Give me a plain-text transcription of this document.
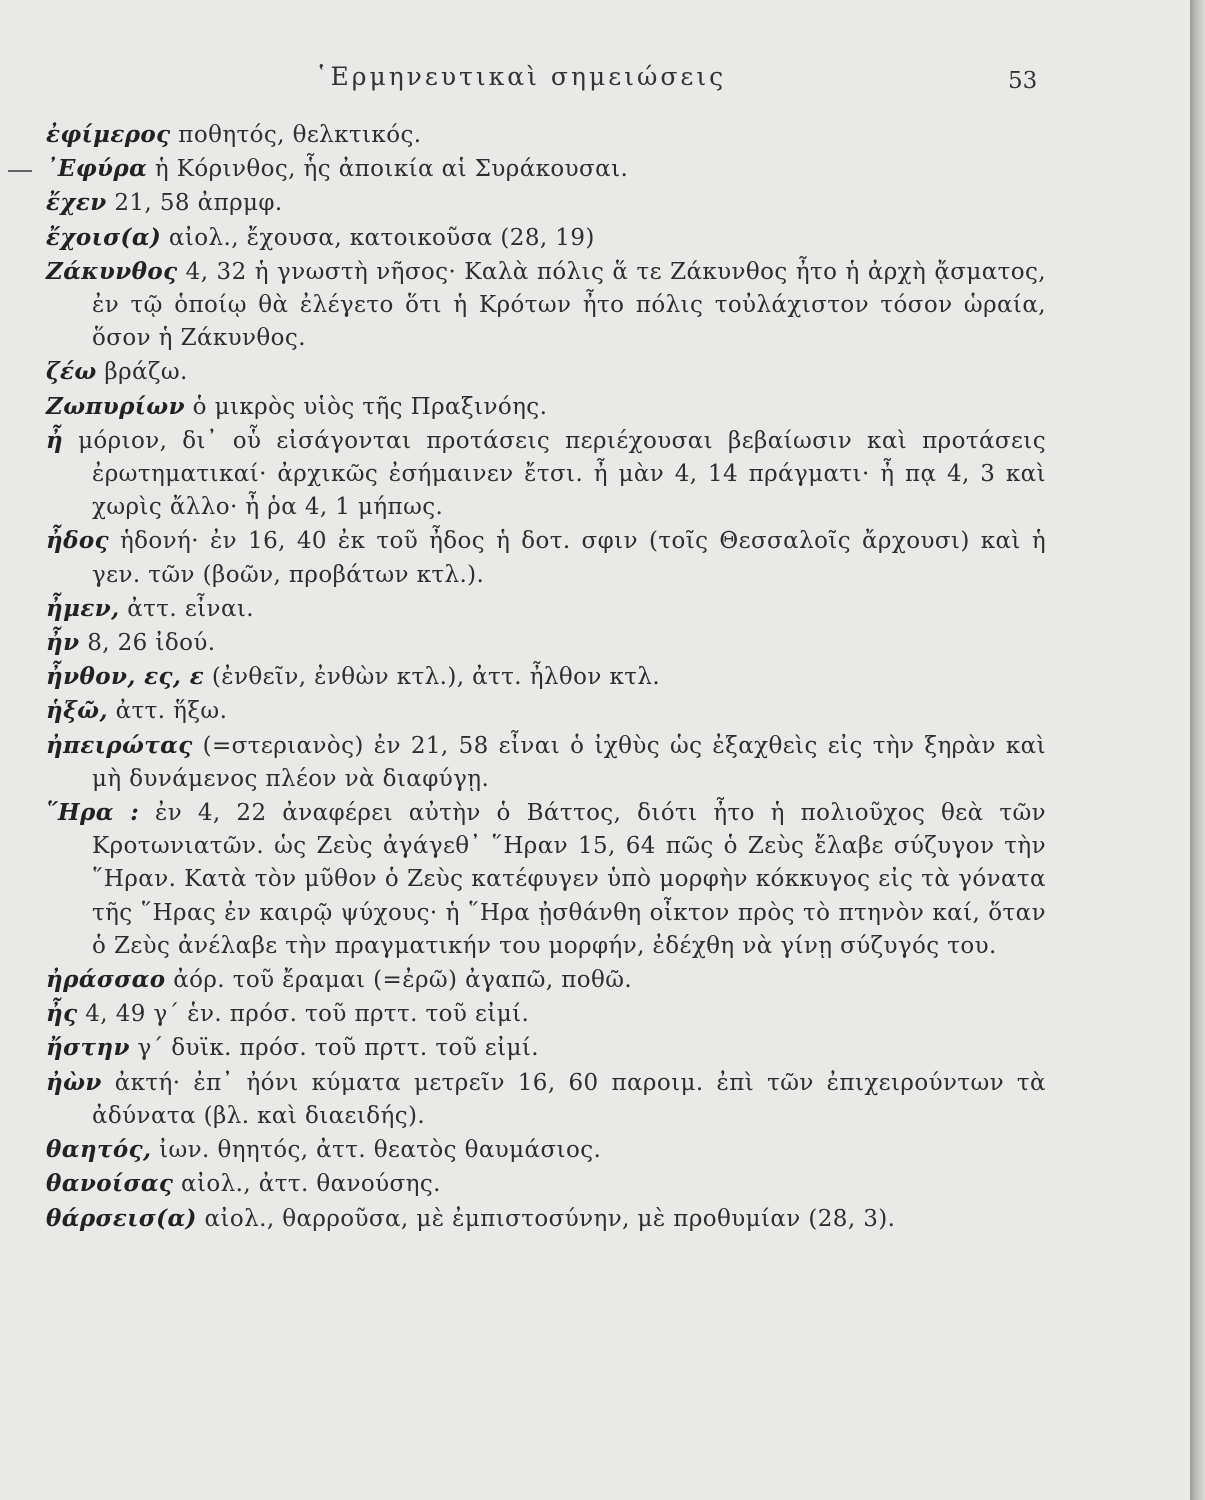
῾Ερμηνευτικαὶ σημειώσεις	53
ἐφίμερος ποθητός, θελκτικός.
᾿Εφύρα ἡ Κόρινθος, ἧς ἀποικία αἱ Συράκουσαι.
ἔχεν 21, 58 ἀπρμφ.
ἔχοισ(α) αἰολ., ἔχουσα, κατοικοῦσα (28, 19)
Ζάκυνθος 4, 32 ἡ γνωστὴ νῆσος· Καλὰ πόλις ἅ τε Ζάκυνθος ἦτο ἡ ἀρχὴ ᾄσματος, ἐν τῷ ὁποίῳ θὰ ἐλέγετο ὅτι ἡ Κρότων ἦτο πόλις τοὐλάχιστον τόσον ὡραία, ὅσον ἡ Ζάκυνθος.
ζέω βράζω.
Ζωπυρίων ὁ μικρὸς υἱὸς τῆς Πραξινόης.
ἦ μόριον, δι᾿ οὗ εἰσάγονται προτάσεις περιέχουσαι βεβαίωσιν καὶ προτάσεις ἐρωτηματικαί· ἀρχικῶς ἐσήμαινεν ἔτσι. ἦ μὰν 4, 14 πράγματι· ἦ πᾳ 4, 3 καὶ χωρὶς ἄλλο· ἦ ῥα 4, 1 μήπως.
ἦδος ἡδονή· ἐν 16, 40 ἐκ τοῦ ἦδος ἡ δοτ. σφιν (τοῖς Θεσσαλοῖς ἄρχουσι) καὶ ἡ γεν. τῶν (βοῶν, προβάτων κτλ.).
ἦμεν, ἀττ. εἶναι.
ἦν 8, 26 ἰδού.
ἦνθον, ες, ε (ἐνθεῖν, ἐνθὼν κτλ.), ἀττ. ἦλθον κτλ.
ἡξῶ, ἀττ. ἥξω.
ἠπειρώτας (=στεριανὸς) ἐν 21, 58 εἶναι ὁ ἰχθὺς ὡς ἐξαχθεὶς εἰς τὴν ξηρὰν καὶ μὴ δυνάμενος πλέον νὰ διαφύγῃ.
῞Ηρα : ἐν 4, 22 ἀναφέρει αὐτὴν ὁ Βάττος, διότι ἦτο ἡ πολιοῦχος θεὰ τῶν Κροτωνιατῶν. ὡς Ζεὺς ἀγάγεθ᾿ ῞Ηραν 15, 64 πῶς ὁ Ζεὺς ἔλαβε σύζυγον τὴν ῞Ηραν. Κατὰ τὸν μῦθον ὁ Ζεὺς κατέφυγεν ὑπὸ μορφὴν κόκκυγος εἰς τὰ γόνατα τῆς ῞Ηρας ἐν καιρῷ ψύχους· ἡ ῞Ηρα ᾐσθάνθη οἶκτον πρὸς τὸ πτηνὸν καί, ὅταν ὁ Ζεὺς ἀνέλαβε τὴν πραγματικήν του μορφήν, ἐδέχθη νὰ γίνῃ σύζυγός του.
ἠράσσαο ἀόρ. τοῦ ἔραμαι (=ἐρῶ) ἀγαπῶ, ποθῶ.
ἦς 4, 49 γ΄ ἑν. πρόσ. τοῦ πρττ. τοῦ εἰμί.
ἤστην γ΄ δυϊκ. πρόσ. τοῦ πρττ. τοῦ εἰμί.
ἠὼν ἀκτή· ἐπ᾿ ἠόνι κύματα μετρεῖν 16, 60 παροιμ. ἐπὶ τῶν ἐπιχειρούντων τὰ ἀδύνατα (βλ. καὶ διαειδής).
θαητός, ἰων. θηητός, ἀττ. θεατὸς θαυμάσιος.
θανοίσας αἰολ., ἀττ. θανούσης.
θάρσεισ(α) αἰολ., θαρροῦσα, μὲ ἐμπιστοσύνην, μὲ προθυμίαν (28, 3).
